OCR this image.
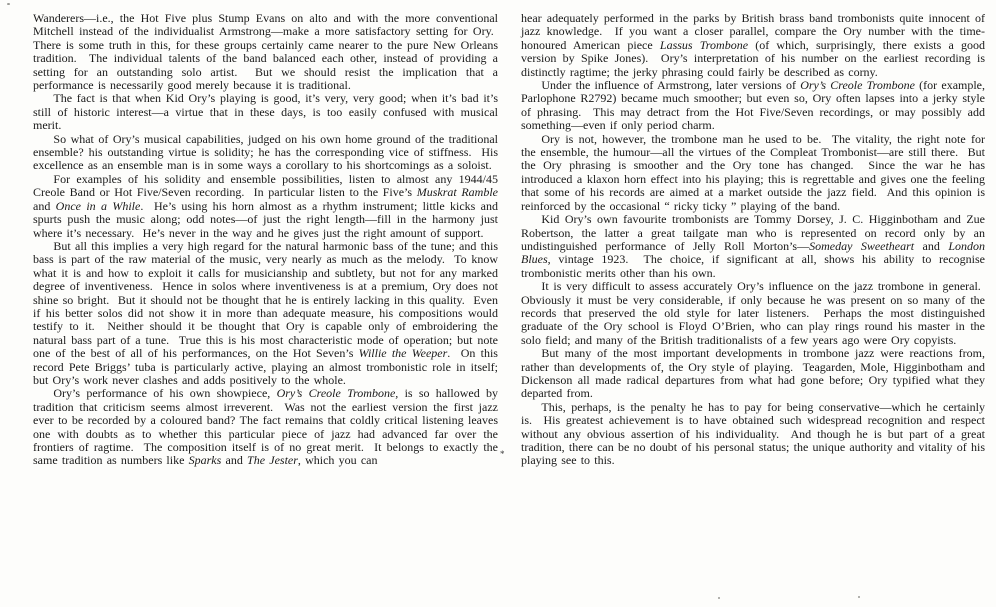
Wanderers—i.e., the Hot Five plus Stump Evans on alto and with the more conventional Mitchell instead of the individualist Armstrong—make a more satisfactory setting for Ory.  There is some truth in this, for these groups certainly came nearer to the pure New Orleans tradition.  The individual talents of the band balanced each other, instead of providing a setting for an outstanding solo artist.  But we should resist the implication that a performance is necessarily good merely because it is traditional.

The fact is that when Kid Ory’s playing is good, it’s very, very good; when it’s bad it’s still of historic interest—a virtue that in these days, is too easily confused with musical merit.

So what of Ory’s musical capabilities, judged on his own home ground of the traditional ensemble? his outstanding virtue is solidity; he has the corresponding vice of stiffness.  His excellence as an ensemble man is in some ways a corollary to his shortcomings as a soloist.

For examples of his solidity and ensemble possibilities, listen to almost any 1944/45 Creole Band or Hot Five/Seven recording.  In particular listen to the Five’s Muskrat Ramble and Once in a While.  He’s using his horn almost as a rhythm instrument; little kicks and spurts push the music along; odd notes—of just the right length—fill in the harmony just where it’s necessary.  He’s never in the way and he gives just the right amount of support.

But all this implies a very high regard for the natural harmonic bass of the tune; and this bass is part of the raw material of the music, very nearly as much as the melody.  To know what it is and how to exploit it calls for musicianship and subtlety, but not for any marked degree of inventiveness.  Hence in solos where inventiveness is at a premium, Ory does not shine so bright.  But it should not be thought that he is entirely lacking in this quality.  Even if his better solos did not show it in more than adequate measure, his compositions would testify to it.  Neither should it be thought that Ory is capable only of embroidering the natural bass part of a tune.  True this is his most characteristic mode of operation; but note one of the best of all of his performances, on the Hot Seven’s Willie the Weeper.  On this record Pete Briggs’ tuba is particularly active, playing an almost trombonistic role in itself; but Ory’s work never clashes and adds positively to the whole.

Ory’s performance of his own showpiece, Ory’s Creole Trombone, is so hallowed by tradition that criticism seems almost irreverent.  Was not the earliest version the first jazz ever to be recorded by a coloured band? The fact remains that coldly critical listening leaves one with doubts as to whether this particular piece of jazz had advanced far over the frontiers of ragtime.  The composition itself is of no great merit.  It belongs to exactly the same tradition as numbers like Sparks and The Jester, which you can

hear adequately performed in the parks by British brass band trombonists quite innocent of jazz knowledge.  If you want a closer parallel, compare the Ory number with the time-honoured American piece Lassus Trombone (of which, surprisingly, there exists a good version by Spike Jones).  Ory’s interpretation of his number on the earliest recording is distinctly ragtime; the jerky phrasing could fairly be described as corny.

Under the influence of Armstrong, later versions of Ory’s Creole Trombone (for example, Parlophone R2792) became much smoother; but even so, Ory often lapses into a jerky style of phrasing.  This may detract from the Hot Five/Seven recordings, or may possibly add something—even if only period charm.

Ory is not, however, the trombone man he used to be.  The vitality, the right note for the ensemble, the humour—all the virtues of the Compleat Trombonist—are still there.  But the Ory phrasing is smoother and the Ory tone has changed.  Since the war he has introduced a klaxon horn effect into his playing; this is regrettable and gives one the feeling that some of his records are aimed at a market outside the jazz field.  And this opinion is reinforced by the occasional “ ricky ticky ” playing of the band.

Kid Ory’s own favourite trombonists are Tommy Dorsey, J. C. Higginbotham and Zue Robertson, the latter a great tailgate man who is represented on record only by an undistinguished performance of Jelly Roll Morton’s—Someday Sweetheart and London Blues, vintage 1923.  The choice, if significant at all, shows his ability to recognise trombonistic merits other than his own.

It is very difficult to assess accurately Ory’s influence on the jazz trombone in general.  Obviously it must be very considerable, if only because he was present on so many of the records that preserved the old style for later listeners.  Perhaps the most distinguished graduate of the Ory school is Floyd O’Brien, who can play rings round his master in the solo field; and many of the British traditionalists of a few years ago were Ory copyists.

But many of the most important developments in trombone jazz were reactions from, rather than developments of, the Ory style of playing.  Teagarden, Mole, Higginbotham and Dickenson all made radical departures from what had gone before; Ory typified what they departed from.

This, perhaps, is the penalty he has to pay for being conservative—which he certainly is.  His greatest achievement is to have obtained such widespread recognition and respect without any obvious assertion of his individuality.  And though he is but part of a great tradition, there can be no doubt of his personal status; the unique authority and vitality of his playing see to this.

*
